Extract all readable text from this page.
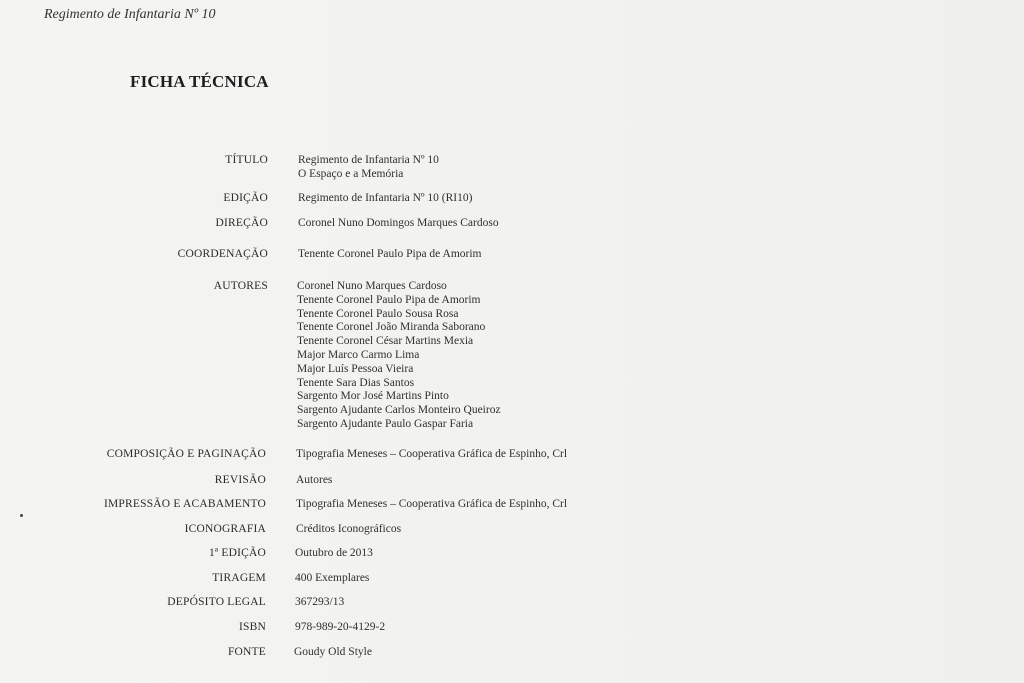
Regimento de Infantaria Nº 10
FICHA TÉCNICA
TÍTULO	Regimento de Infantaria Nº 10
O Espaço e a Memória
EDIÇÃO	Regimento de Infantaria Nº 10 (RI10)
DIREÇÃO	Coronel Nuno Domingos Marques Cardoso
COORDENAÇÃO	Tenente Coronel Paulo Pipa de Amorim
AUTORES	Coronel Nuno Marques Cardoso
Tenente Coronel Paulo Pipa de Amorim
Tenente Coronel Paulo Sousa Rosa
Tenente Coronel João Miranda Saborano
Tenente Coronel César Martins Mexia
Major Marco Carmo Lima
Major Luís Pessoa Vieira
Tenente Sara Dias Santos
Sargento Mor José Martins Pinto
Sargento Ajudante Carlos Monteiro Queiroz
Sargento Ajudante Paulo Gaspar Faria
COMPOSIÇÃO E PAGINAÇÃO	Tipografia Meneses – Cooperativa Gráfica de Espinho, Crl
REVISÃO	Autores
IMPRESSÃO E ACABAMENTO	Tipografia Meneses – Cooperativa Gráfica de Espinho, Crl
ICONOGRAFIA	Créditos Iconográficos
1ª EDIÇÃO	Outubro de 2013
TIRAGEM	400 Exemplares
DEPÓSITO LEGAL	367293/13
ISBN	978-989-20-4129-2
FONTE Goudy Old Style
